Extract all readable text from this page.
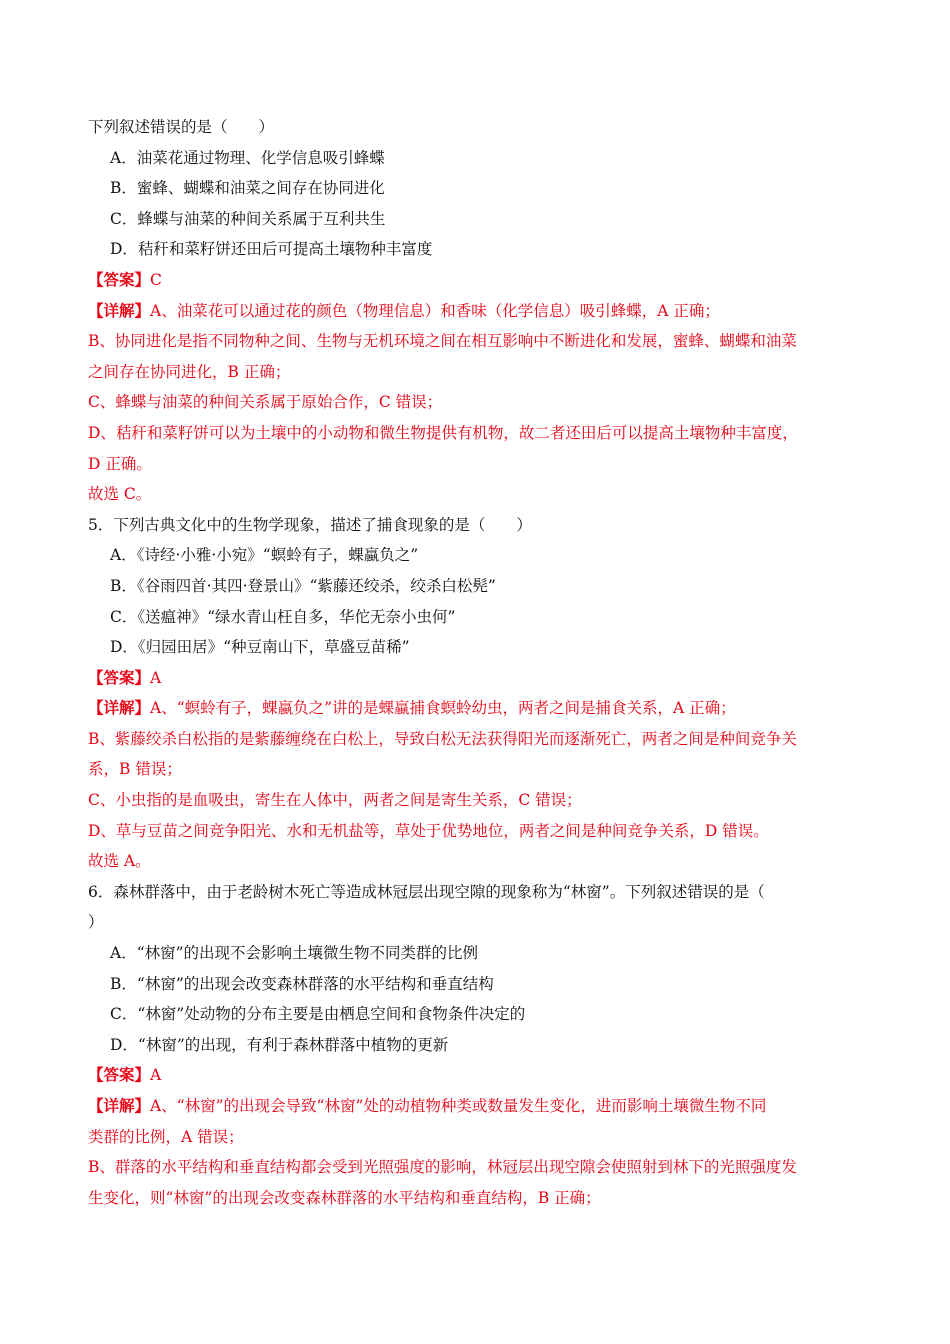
下列叙述错误的是（　　）
A．油菜花通过物理、化学信息吸引蜂蝶
B．蜜蜂、蝴蝶和油菜之间存在协同进化
C．蜂蝶与油菜的种间关系属于互利共生
D．秸秆和菜籽饼还田后可提高土壤物种丰富度
【答案】C
【详解】A、油菜花可以通过花的颜色（物理信息）和香味（化学信息）吸引蜂蝶，A 正确；
B、协同进化是指不同物种之间、生物与无机环境之间在相互影响中不断进化和发展，蜜蜂、蝴蝶和油菜
之间存在协同进化，B 正确；
C、蜂蝶与油菜的种间关系属于原始合作，C 错误；
D、秸秆和菜籽饼可以为土壤中的小动物和微生物提供有机物，故二者还田后可以提高土壤物种丰富度，
D 正确。
故选 C。
5．下列古典文化中的生物学现象，描述了捕食现象的是（　　）
A．《诗经·小雅·小宛》“螟蛉有子，蜾蠃负之”
B．《谷雨四首·其四·登景山》“紫藤还绞杀，绞杀白松髡”
C．《送瘟神》“绿水青山枉自多，华佗无奈小虫何”
D．《归园田居》“种豆南山下，草盛豆苗稀”
【答案】A
【详解】A、“螟蛉有子，蜾蠃负之”讲的是蜾蠃捕食螟蛉幼虫，两者之间是捕食关系，A 正确；
B、紫藤绞杀白松指的是紫藤缠绕在白松上，导致白松无法获得阳光而逐渐死亡，两者之间是种间竞争关
系，B 错误；
C、小虫指的是血吸虫，寄生在人体中，两者之间是寄生关系，C 错误；
D、草与豆苗之间竞争阳光、水和无机盐等，草处于优势地位，两者之间是种间竞争关系，D 错误。
故选 A。
6．森林群落中，由于老龄树木死亡等造成林冠层出现空隙的现象称为“林窗”。下列叙述错误的是（
）
A．“林窗”的出现不会影响土壤微生物不同类群的比例
B．“林窗”的出现会改变森林群落的水平结构和垂直结构
C．“林窗”处动物的分布主要是由栖息空间和食物条件决定的
D．“林窗”的出现，有利于森林群落中植物的更新
【答案】A
【详解】A、“林窗”的出现会导致“林窗”处的动植物种类或数量发生变化，进而影响土壤微生物不同
类群的比例，A 错误；
B、群落的水平结构和垂直结构都会受到光照强度的影响，林冠层出现空隙会使照射到林下的光照强度发
生变化，则“林窗”的出现会改变森林群落的水平结构和垂直结构，B 正确；
